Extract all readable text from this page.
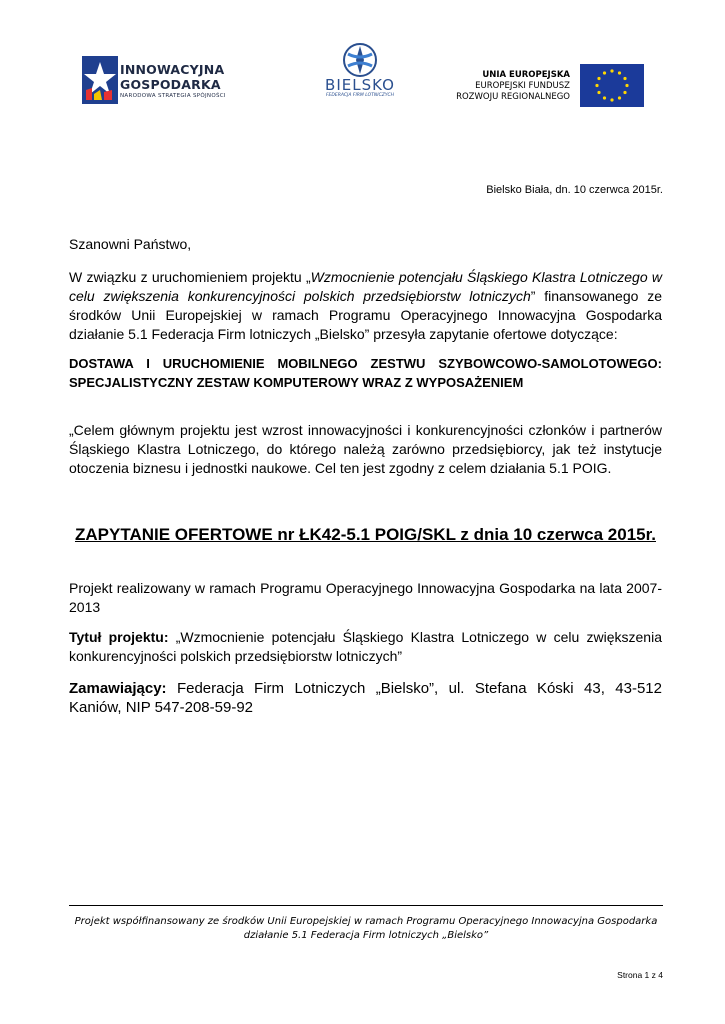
INNOWACYJNA
GOSPODARKA
NARODOWA STRATEGIA SPÓJNOŚCI
BIELSKO
FEDERACJA FIRM LOTNICZYCH
UNIA EUROPEJSKA
EUROPEJSKI FUNDUSZ
ROZWOJU REGIONALNEGO
Bielsko Biała, dn. 10 czerwca 2015r.
Szanowni Państwo,
W związku z uruchomieniem projektu „Wzmocnienie potencjału Śląskiego Klastra Lotniczego w celu zwiększenia konkurencyjności polskich przedsiębiorstw lotniczych” finansowanego ze środków Unii Europejskiej w ramach Programu Operacyjnego Innowacyjna Gospodarka działanie 5.1 Federacja Firm lotniczych „Bielsko” przesyła zapytanie ofertowe dotyczące:
DOSTAWA I URUCHOMIENIE MOBILNEGO ZESTWU SZYBOWCOWO-SAMOLOTOWEGO: SPECJALISTYCZNY ZESTAW KOMPUTEROWY WRAZ Z WYPOSAŻENIEM
„Celem głównym projektu jest wzrost innowacyjności i konkurencyjności członków i partnerów Śląskiego Klastra Lotniczego, do którego należą zarówno przedsiębiorcy, jak też instytucje otoczenia biznesu i jednostki naukowe. Cel ten jest zgodny z celem działania 5.1 POIG.
ZAPYTANIE OFERTOWE nr ŁK42-5.1 POIG/SKL z dnia 10 czerwca 2015r.
Projekt realizowany w ramach Programu Operacyjnego Innowacyjna Gospodarka na lata 2007-2013
Tytuł projektu: „Wzmocnienie potencjału Śląskiego Klastra Lotniczego w celu zwiększenia konkurencyjności polskich przedsiębiorstw lotniczych”
Zamawiający: Federacja Firm Lotniczych „Bielsko”, ul. Stefana Kóski 43, 43-512 Kaniów, NIP 547-208-59-92
Projekt współfinansowany ze środków Unii Europejskiej w ramach Programu Operacyjnego Innowacyjna Gospodarka działanie 5.1 Federacja Firm lotniczych „Bielsko”
Strona 1 z 4
